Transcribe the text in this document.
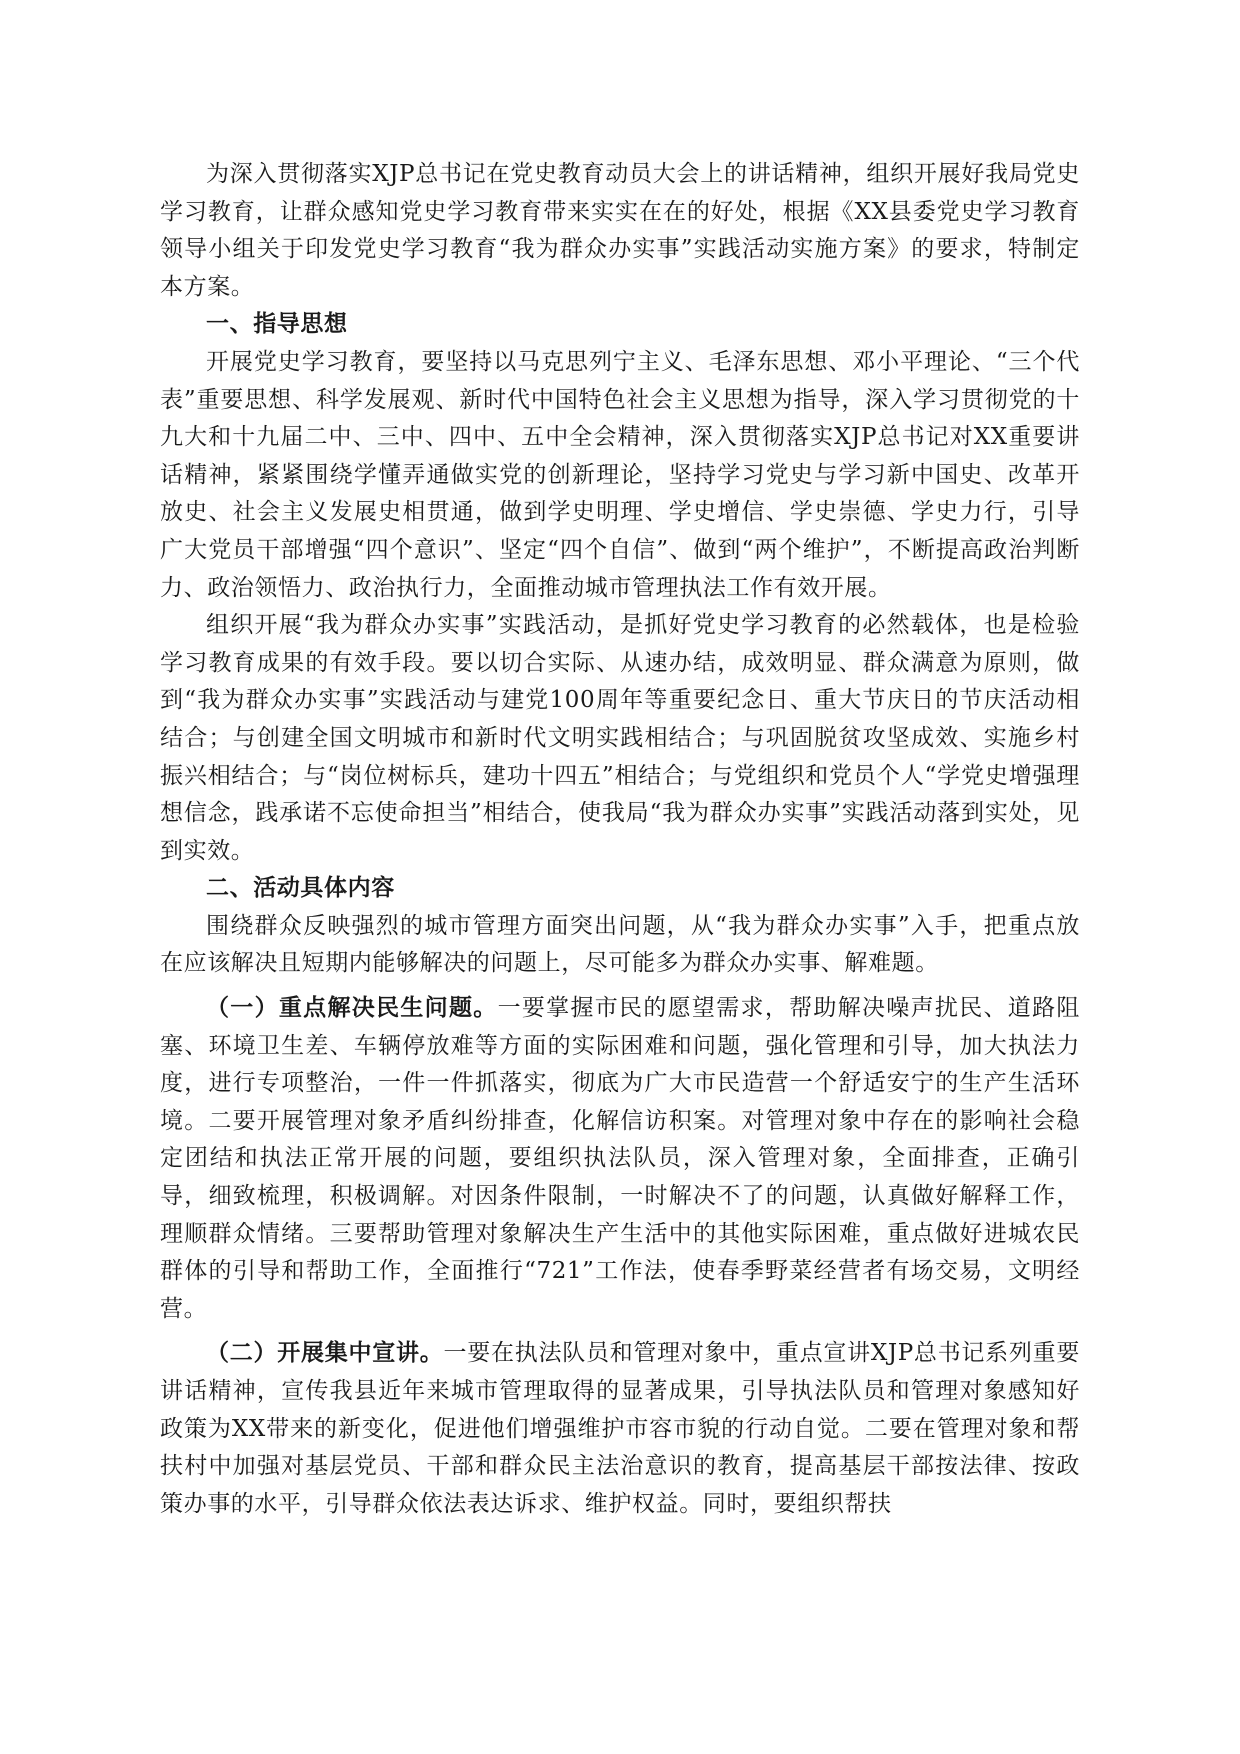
为深入贯彻落实XJP总书记在党史教育动员大会上的讲话精神，组织开展好我局党史学习教育，让群众感知党史学习教育带来实实在在的好处，根据《XX县委党史学习教育领导小组关于印发党史学习教育“我为群众办实事”实践活动实施方案》的要求，特制定本方案。

一、指导思想

开展党史学习教育，要坚持以马克思列宁主义、毛泽东思想、邓小平理论、“三个代表”重要思想、科学发展观、新时代中国特色社会主义思想为指导，深入学习贯彻党的十九大和十九届二中、三中、四中、五中全会精神，深入贯彻落实XJP总书记对XX重要讲话精神，紧紧围绕学懂弄通做实党的创新理论，坚持学习党史与学习新中国史、改革开放史、社会主义发展史相贯通，做到学史明理、学史增信、学史崇德、学史力行，引导广大党员干部增强“四个意识”、坚定“四个自信”、做到“两个维护”，不断提高政治判断力、政治领悟力、政治执行力，全面推动城市管理执法工作有效开展。

组织开展“我为群众办实事”实践活动，是抓好党史学习教育的必然载体，也是检验学习教育成果的有效手段。要以切合实际、从速办结，成效明显、群众满意为原则，做到“我为群众办实事”实践活动与建党100周年等重要纪念日、重大节庆日的节庆活动相结合；与创建全国文明城市和新时代文明实践相结合；与巩固脱贫攻坚成效、实施乡村振兴相结合；与“岗位树标兵，建功十四五”相结合；与党组织和党员个人“学党史增强理想信念，践承诺不忘使命担当”相结合，使我局“我为群众办实事”实践活动落到实处，见到实效。

二、活动具体内容

围绕群众反映强烈的城市管理方面突出问题，从“我为群众办实事”入手，把重点放在应该解决且短期内能够解决的问题上，尽可能多为群众办实事、解难题。

（一）重点解决民生问题。一要掌握市民的愿望需求，帮助解决噪声扰民、道路阻塞、环境卫生差、车辆停放难等方面的实际困难和问题，强化管理和引导，加大执法力度，进行专项整治，一件一件抓落实，彻底为广大市民造营一个舒适安宁的生产生活环境。二要开展管理对象矛盾纠纷排查，化解信访积案。对管理对象中存在的影响社会稳定团结和执法正常开展的问题，要组织执法队员，深入管理对象，全面排查，正确引导，细致梳理，积极调解。对因条件限制，一时解决不了的问题，认真做好解释工作，理顺群众情绪。三要帮助管理对象解决生产生活中的其他实际困难，重点做好进城农民群体的引导和帮助工作，全面推行“721”工作法，使春季野菜经营者有场交易，文明经营。

（二）开展集中宣讲。一要在执法队员和管理对象中，重点宣讲XJP总书记系列重要讲话精神，宣传我县近年来城市管理取得的显著成果，引导执法队员和管理对象感知好政策为XX带来的新变化，促进他们增强维护市容市貌的行动自觉。二要在管理对象和帮扶村中加强对基层党员、干部和群众民主法治意识的教育，提高基层干部按法律、按政策办事的水平，引导群众依法表达诉求、维护权益。同时，要组织帮扶
